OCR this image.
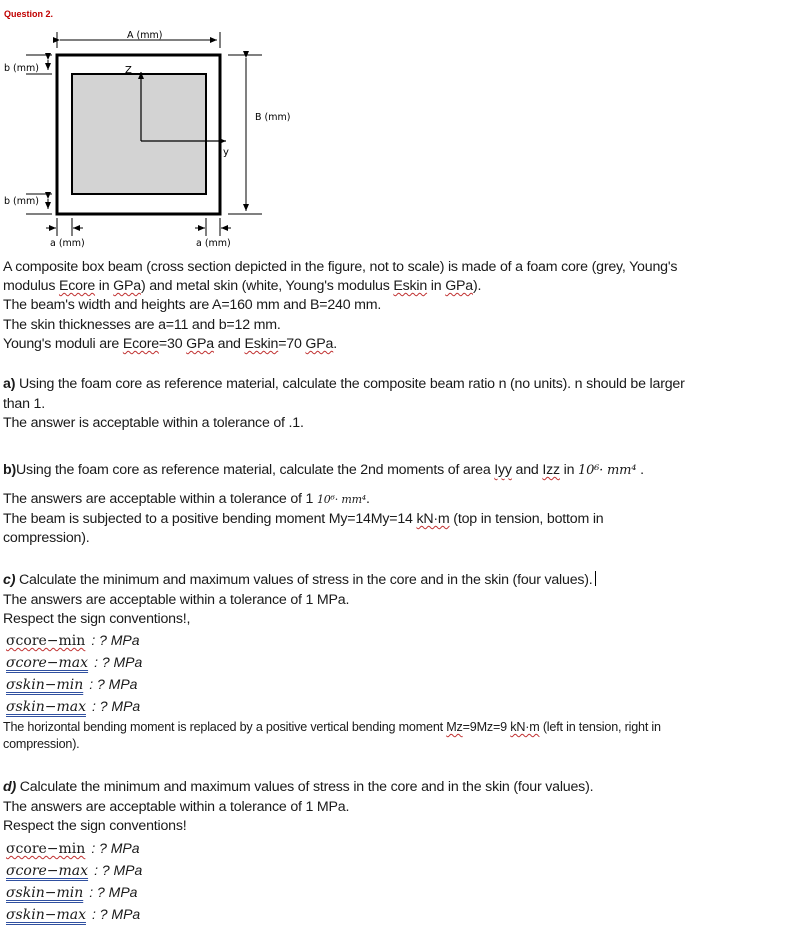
Question 2.
A (mm)
B (mm)
b (mm)
b (mm)
a (mm)	a (mm)
Z
y
A composite box beam (cross section depicted in the figure, not to scale) is made of a foam core (grey, Young's
modulus Ecore in GPa) and metal skin (white, Young's modulus Eskin in GPa).
The beam's width and heights are A=160 mm and B=240 mm.
The skin thicknesses are a=11 and b=12 mm.
Young's moduli are Ecore=30 GPa and Eskin=70 GPa.
a) Using the foam core as reference material, calculate the composite beam ratio n (no units). n should be larger
than 1.
The answer is acceptable within a tolerance of .1.
b)Using the foam core as reference material, calculate the 2nd moments of area Iyy and Izz in 10⁶· mm⁴ .
The answers are acceptable within a tolerance of 1 10⁶· mm⁴.
The beam is subjected to a positive bending moment My=14My=14 kN·m (top in tension, bottom in
compression).
c) Calculate the minimum and maximum values of stress in the core and in the skin (four values).
The answers are acceptable within a tolerance of 1 MPa.
Respect the sign conventions!,
σcore−min : ? MPa
σcore−max : ? MPa
σskin−min : ? MPa
σskin−max : ? MPa
The horizontal bending moment is replaced by a positive vertical bending moment Mz=9Mz=9 kN·m (left in tension, right in
compression).
d) Calculate the minimum and maximum values of stress in the core and in the skin (four values).
The answers are acceptable within a tolerance of 1 MPa.
Respect the sign conventions!
σcore−min : ? MPa
σcore−max : ? MPa
σskin−min : ? MPa
σskin−max : ? MPa
